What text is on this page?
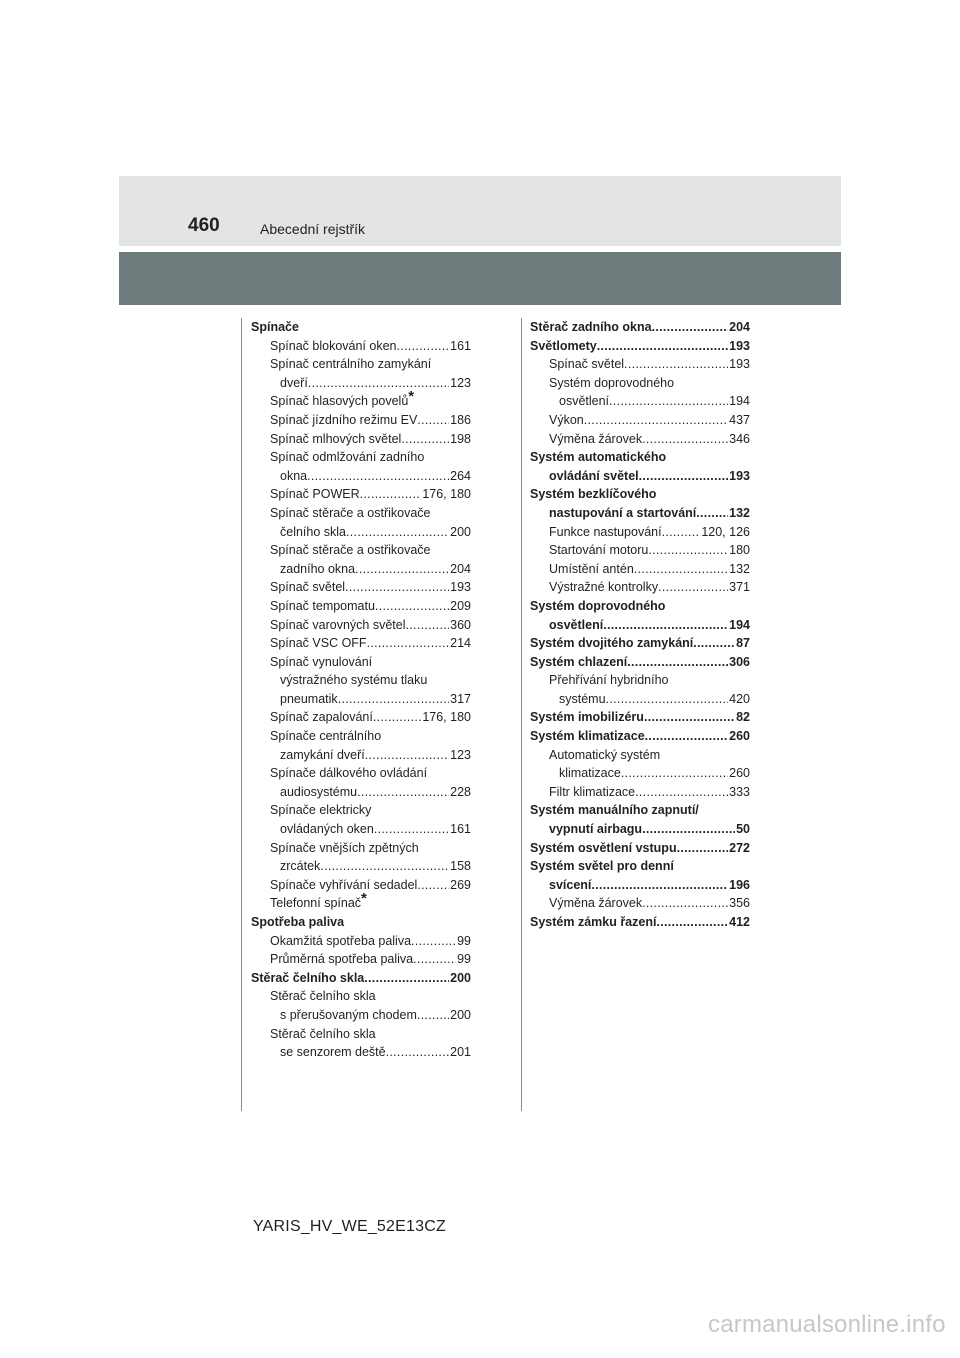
460	Abecední rejstřík
Spínače
Spínač blokování oken .....	161
Spínač centrálního zamykání
dveří .....	123
Spínač hlasových povelů*
Spínač jízdního režimu EV .....	186
Spínač mlhových světel .....	198
Spínač odmlžování zadního
okna .....	264
Spínač POWER .....	176, 180
Spínač stěrače a ostřikovače
čelního skla .....	200
Spínač stěrače a ostřikovače
zadního okna .....	204
Spínač světel .....	193
Spínač tempomatu .....	209
Spínač varovných světel .....	360
Spínač VSC OFF .....	214
Spínač vynulování
výstražného systému tlaku
pneumatik .....	317
Spínač zapalování .....	176, 180
Spínače centrálního
zamykání dveří .....	123
Spínače dálkového ovládání
audiosystému .....	228
Spínače elektricky
ovládaných oken .....	161
Spínače vnějších zpětných
zrcátek .....	158
Spínače vyhřívání sedadel .....	269
Telefonní spínač*
Spotřeba paliva
Okamžitá spotřeba paliva .....	99
Průměrná spotřeba paliva .....	99
Stěrač čelního skla .....	200
Stěrač čelního skla
s přerušovaným chodem .....	200
Stěrač čelního skla
se senzorem deště .....	201
Stěrač zadního okna .....	204
Světlomety .....	193
Spínač světel .....	193
Systém doprovodného
osvětlení .....	194
Výkon .....	437
Výměna žárovek .....	346
Systém automatického
ovládání světel .....	193
Systém bezklíčového
nastupování a startování .....	132
Funkce nastupování .....	120, 126
Startování motoru .....	180
Umístění antén .....	132
Výstražné kontrolky .....	371
Systém doprovodného
osvětlení .....	194
Systém dvojitého zamykání .....	87
Systém chlazení .....	306
Přehřívání hybridního
systému .....	420
Systém imobilizéru .....	82
Systém klimatizace .....	260
Automatický systém
klimatizace .....	260
Filtr klimatizace .....	333
Systém manuálního zapnutí/
vypnutí airbagu .....	50
Systém osvětlení vstupu .....	272
Systém světel pro denní
svícení .....	196
Výměna žárovek .....	356
Systém zámku řazení .....	412
YARIS_HV_WE_52E13CZ
carmanualsonline.info
